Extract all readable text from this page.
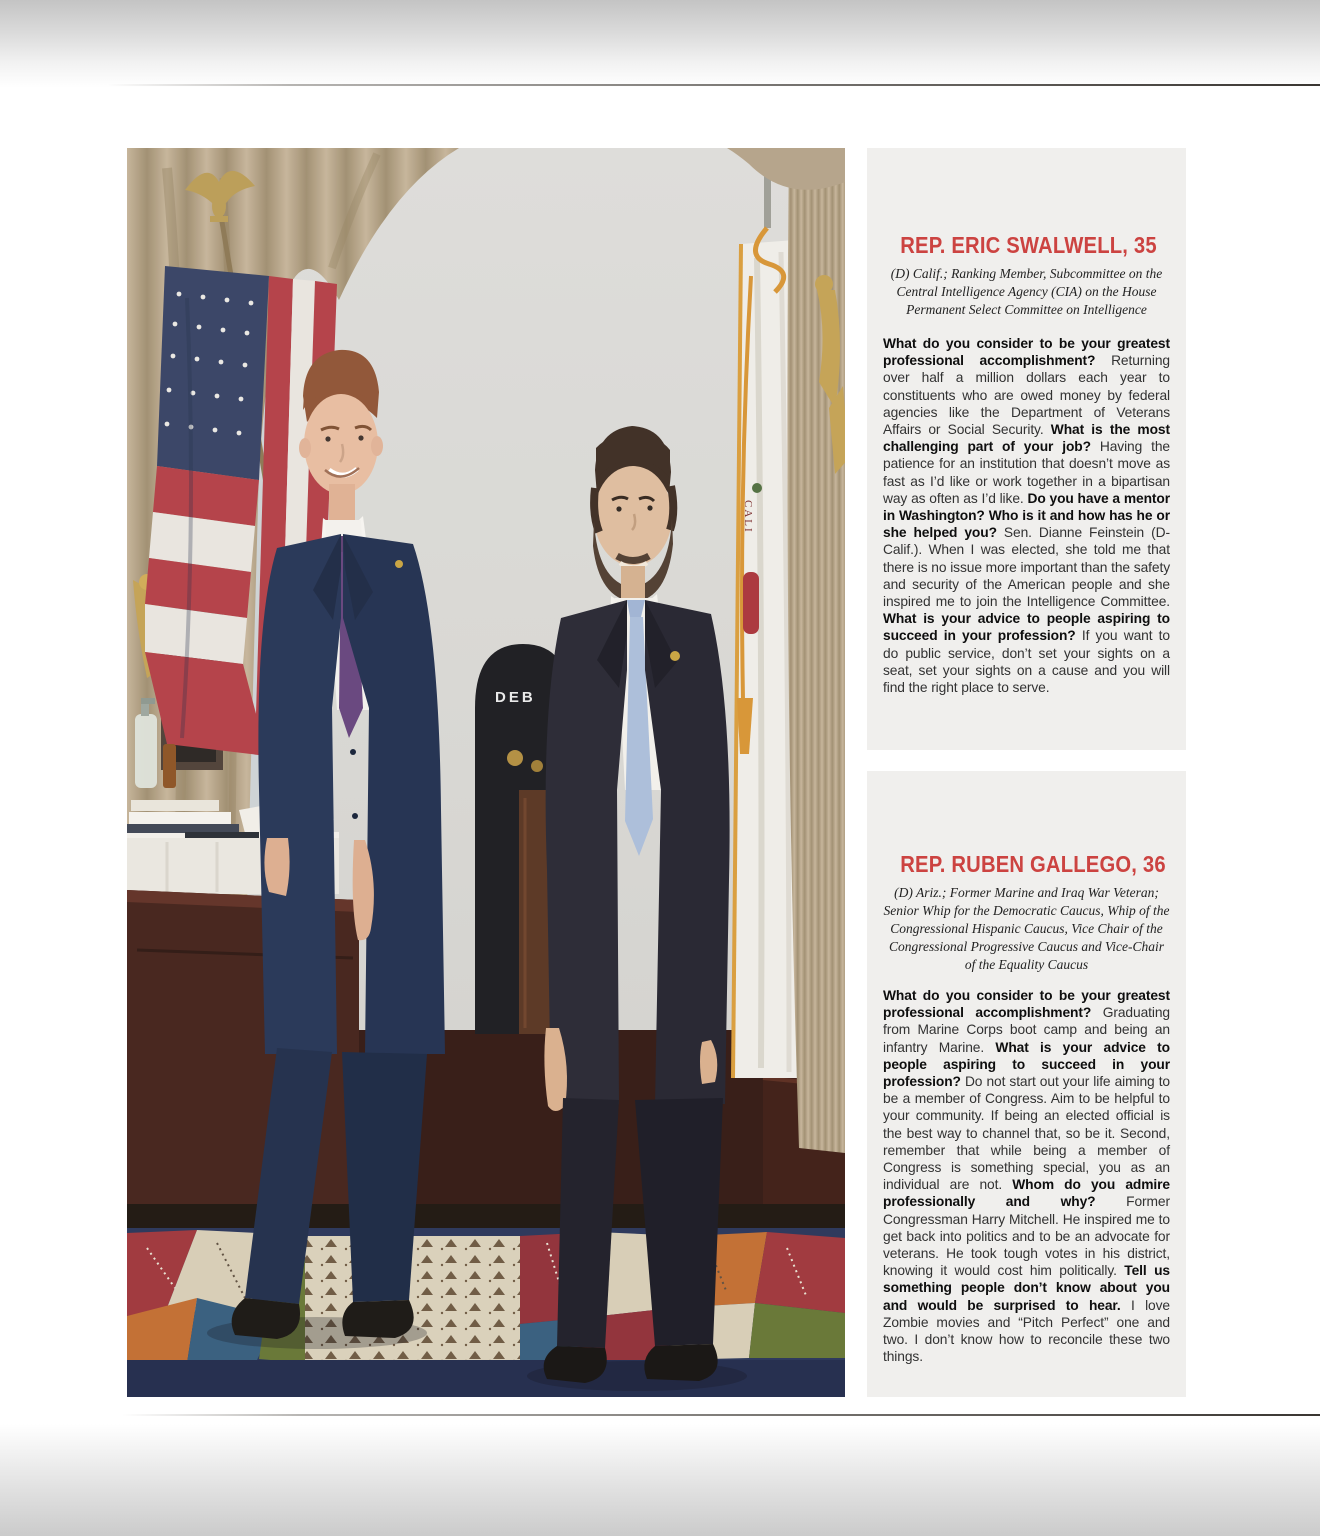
CALI
DEB
REP. ERIC SWALWELL, 35

(D) Calif.; Ranking Member, Subcommittee on the Central Intelligence Agency (CIA) on the House Permanent Select Committee on Intelligence

What do you consider to be your greatest professional accomplishment? Returning over half a million dollars each year to constituents who are owed money by federal agencies like the Department of Veterans Affairs or Social Security. What is the most challenging part of your job? Having the patience for an institution that doesn’t move as fast as I’d like or work together in a bipartisan way as often as I’d like. Do you have a mentor in Washington? Who is it and how has he or she helped you? Sen. Dianne Feinstein (D-Calif.). When I was elected, she told me that there is no issue more important than the safety and security of the American people and she inspired me to join the Intelligence Committee. What is your advice to people aspiring to succeed in your profession? If you want to do public service, don’t set your sights on a seat, set your sights on a cause and you will find the right place to serve.

REP. RUBEN GALLEGO, 36

(D) Ariz.; Former Marine and Iraq War Veteran; Senior Whip for the Democratic Caucus, Whip of the Congressional Hispanic Caucus, Vice Chair of the Congressional Progressive Caucus and Vice-Chair of the Equality Caucus

What do you consider to be your greatest professional accomplishment? Graduating from Marine Corps boot camp and being an infantry Marine. What is your advice to people aspiring to succeed in your profession? Do not start out your life aiming to be a member of Congress. Aim to be helpful to your community. If being an elected official is the best way to channel that, so be it. Second, remember that while being a member of Congress is something special, you as an individual are not. Whom do you admire professionally and why? Former Congressman Harry Mitchell. He inspired me to get back into politics and to be an advocate for veterans. He took tough votes in his district, knowing it would cost him politically. Tell us something people don’t know about you and would be surprised to hear. I love Zombie movies and “Pitch Perfect” one and two. I don’t know how to reconcile these two things.
